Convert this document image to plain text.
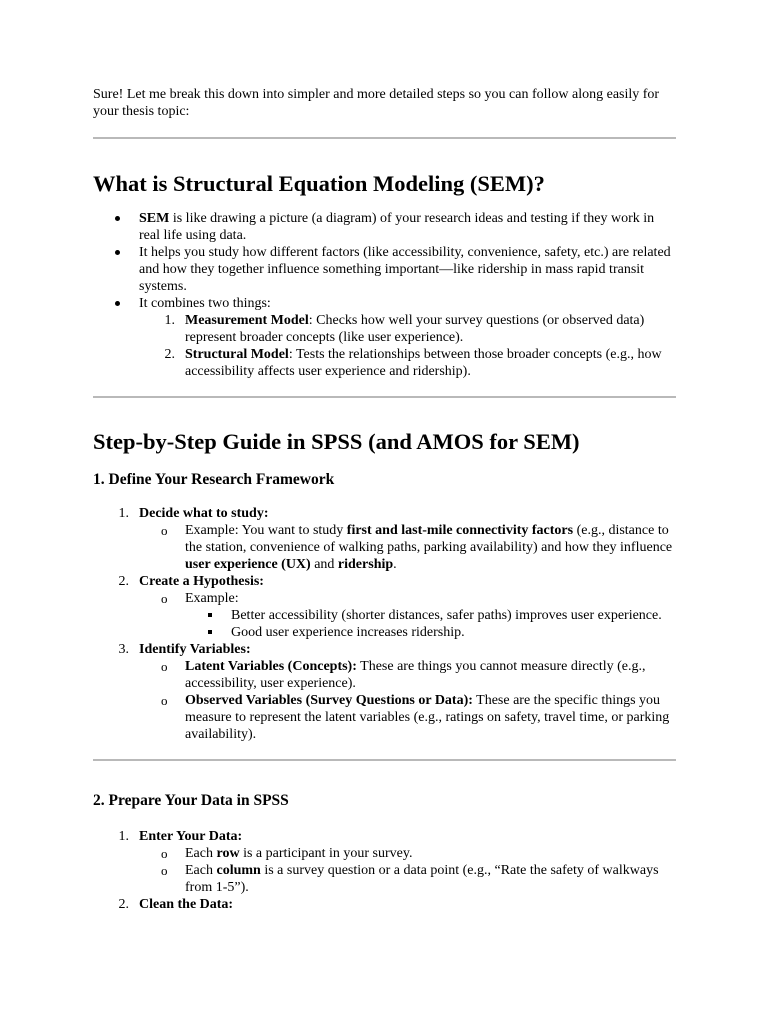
Sure! Let me break this down into simpler and more detailed steps so you can follow along easily for your thesis topic:

What is Structural Equation Modeling (SEM)?
SEM is like drawing a picture (a diagram) of your research ideas and testing if they work in real life using data.
It helps you study how different factors (like accessibility, convenience, safety, etc.) are related and how they together influence something important—like ridership in mass rapid transit systems.
It combines two things:
1. Measurement Model: Checks how well your survey questions (or observed data) represent broader concepts (like user experience).
2. Structural Model: Tests the relationships between those broader concepts (e.g., how accessibility affects user experience and ridership).
Step-by-Step Guide in SPSS (and AMOS for SEM)
1. Define Your Research Framework
1. Decide what to study:
o Example: You want to study first and last-mile connectivity factors (e.g., distance to the station, convenience of walking paths, parking availability) and how they influence user experience (UX) and ridership.
2. Create a Hypothesis:
o Example:
Better accessibility (shorter distances, safer paths) improves user experience.
Good user experience increases ridership.
3. Identify Variables:
o Latent Variables (Concepts): These are things you cannot measure directly (e.g., accessibility, user experience).
o Observed Variables (Survey Questions or Data): These are the specific things you measure to represent the latent variables (e.g., ratings on safety, travel time, or parking availability).
2. Prepare Your Data in SPSS
1. Enter Your Data:
o Each row is a participant in your survey.
o Each column is a survey question or a data point (e.g., “Rate the safety of walkways from 1-5”).
2. Clean the Data:
